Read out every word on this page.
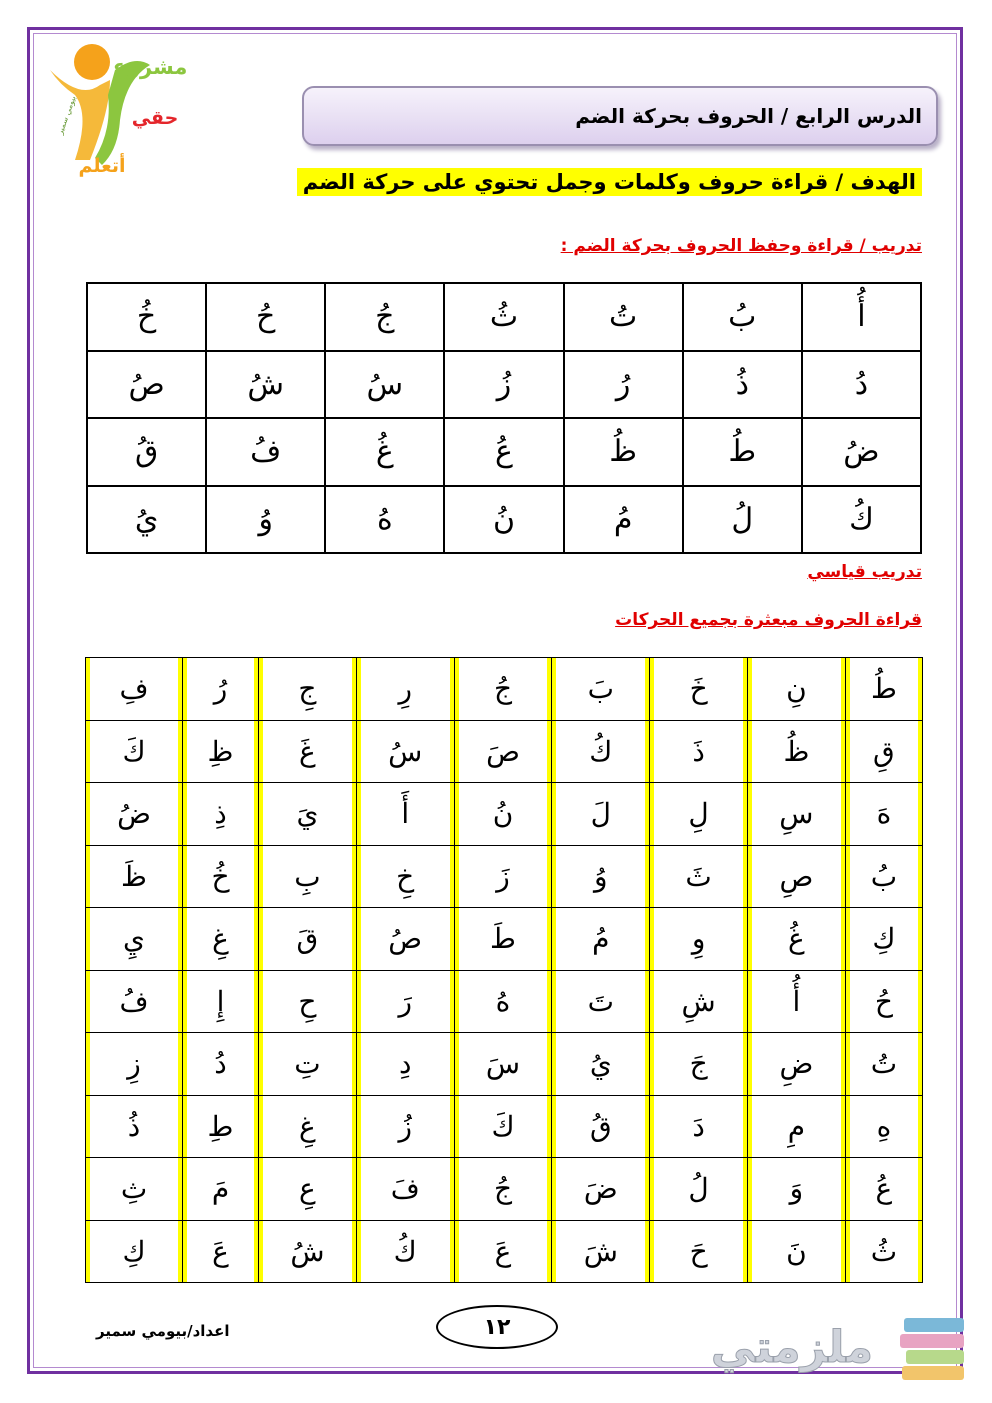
مشروع
حقي
أتعلم
بيومي سمير	الدرس الرابع / الحروف بحركة الضم
الهدف / قراءة حروف وكلمات وجمل تحتوي على حركة الضم
تدريب / قراءة وحفظ الحروف بحركة الضم :
أُ	بُ	تُ	ثُ	جُ	حُ	خُ
دُ	ذُ	رُ	زُ	سُ	شُ	صُ
ضُ	طُ	ظُ	عُ	غُ	فُ	قُ
كُ	لُ	مُ	نُ	هُ	وُ	يُ
تدريب قياسي
قراءة الحروف مبعثرة بجميع الحركات
طُ	نِ	خَ	بَ	جُ	رِ	جِ	رُ	فِ
قِ	ظُ	ذَ	كُ	صَ	سُ	غَ	ظِ	كَ
هَ	سِ	لِ	لَ	نُ	أَ	يَ	ذِ	ضُ
بُ	صِ	ثَ	وُ	زَ	خِ	بِ	خُ	ظَ
كِ	غُ	وِ	مُ	طَ	صُ	قَ	غِ	يِ
حُ	أُ	شِ	تَ	هُ	رَ	حِ	إِ	فُ
تُ	ضِ	جَ	يُ	سَ	دِ	تِ	دُ	زِ
هِ	مِ	دَ	قُ	كَ	زُ	غِ	طِ	ذُ
عُ	وَ	لُ	ضَ	جُ	فَ	عِ	مَ	ثِ
ثُ	نَ	حَ	شَ	عَ	كُ	شُ	عَ	كِ
١٢
اعداد/بيومي سمير	ملزمتي
